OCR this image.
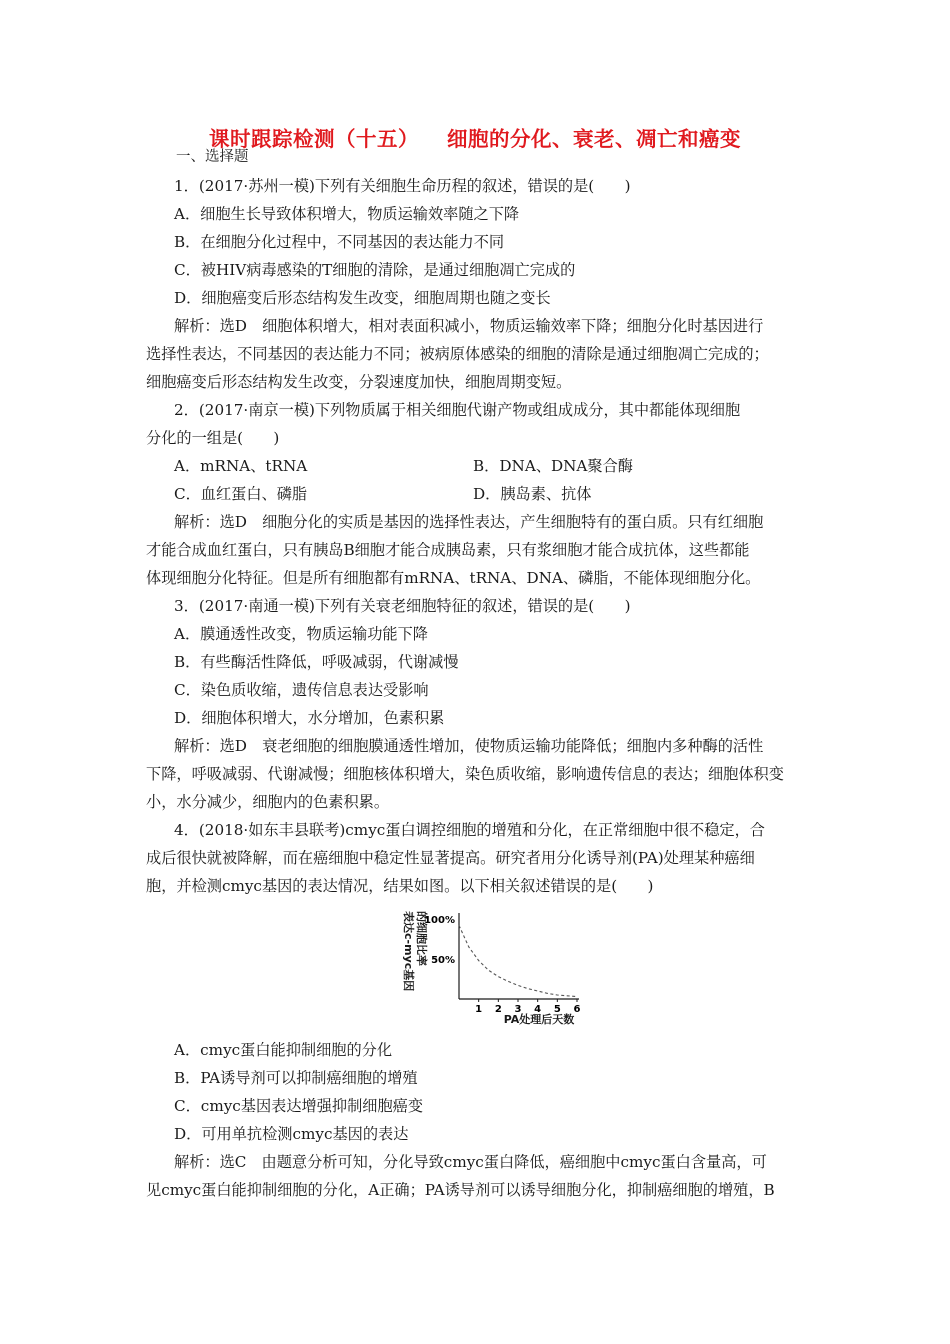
课时跟踪检测（十五） 细胞的分化、衰老、凋亡和癌变
一、选择题
1．(2017·苏州一模)下列有关细胞生命历程的叙述，错误的是(　　)
A．细胞生长导致体积增大，物质运输效率随之下降
B．在细胞分化过程中，不同基因的表达能力不同
C．被HIV病毒感染的T细胞的清除，是通过细胞凋亡完成的
D．细胞癌变后形态结构发生改变，细胞周期也随之变长
解析：选D　细胞体积增大，相对表面积减小，物质运输效率下降；细胞分化时基因进行
选择性表达，不同基因的表达能力不同；被病原体感染的细胞的清除是通过细胞凋亡完成的；
细胞癌变后形态结构发生改变，分裂速度加快，细胞周期变短。
2．(2017·南京一模)下列物质属于相关细胞代谢产物或组成成分，其中都能体现细胞
分化的一组是(　　)
A．mRNA、tRNA	B．DNA、DNA聚合酶
C．血红蛋白、磷脂	D．胰岛素、抗体
解析：选D　细胞分化的实质是基因的选择性表达，产生细胞特有的蛋白质。只有红细胞
才能合成血红蛋白，只有胰岛B细胞才能合成胰岛素，只有浆细胞才能合成抗体，这些都能
体现细胞分化特征。但是所有细胞都有mRNA、tRNA、DNA、磷脂，不能体现细胞分化。
3．(2017·南通一模)下列有关衰老细胞特征的叙述，错误的是(　　)
A．膜通透性改变，物质运输功能下降
B．有些酶活性降低，呼吸减弱，代谢减慢
C．染色质收缩，遗传信息表达受影响
D．细胞体积增大，水分增加，色素积累
解析：选D　衰老细胞的细胞膜通透性增加，使物质运输功能降低；细胞内多种酶的活性
下降，呼吸减弱、代谢减慢；细胞核体积增大，染色质收缩，影响遗传信息的表达；细胞体积变
小，水分减少，细胞内的色素积累。
4．(2018·如东丰县联考)cmyc蛋白调控细胞的增殖和分化，在正常细胞中很不稳定，合
成后很快就被降解，而在癌细胞中稳定性显著提高。研究者用分化诱导剂(PA)处理某种癌细
胞，并检测cmyc基因的表达情况，结果如图。以下相关叙述错误的是(　　)
表达c-myc基因 的细胞比率 50%
100%
1 2 3 4 5 6
PA处理后天数
A．cmyc蛋白能抑制细胞的分化
B．PA诱导剂可以抑制癌细胞的增殖
C．cmyc基因表达增强抑制细胞癌变
D．可用单抗检测cmyc基因的表达
解析：选C　由题意分析可知，分化导致cmyc蛋白降低，癌细胞中cmyc蛋白含量高，可
见cmyc蛋白能抑制细胞的分化，A正确；PA诱导剂可以诱导细胞分化，抑制癌细胞的增殖，B
